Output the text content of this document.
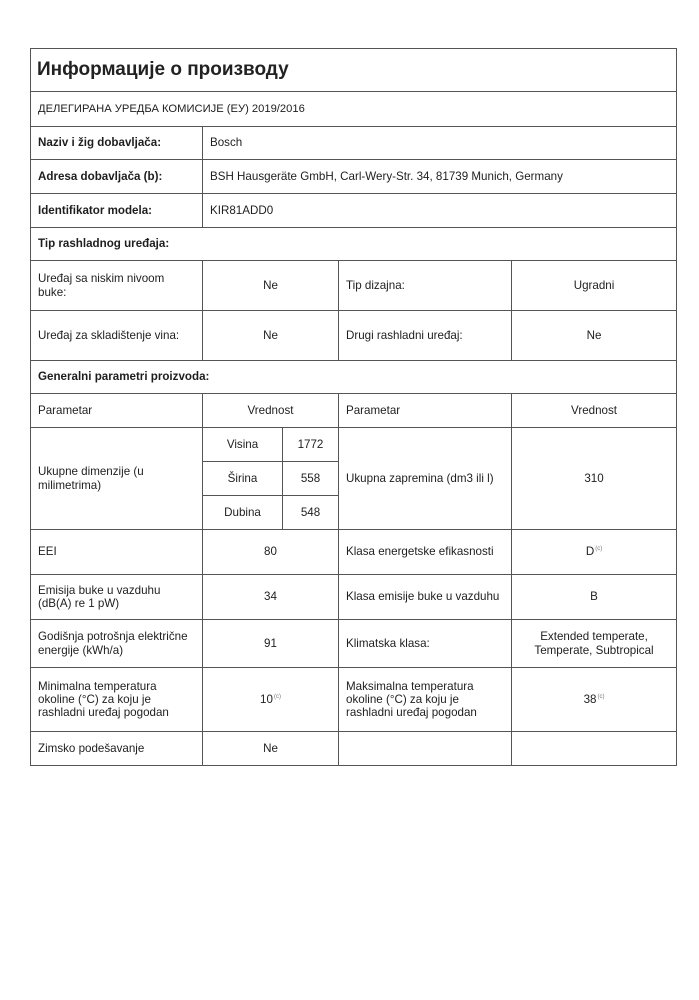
Информације о производу				
ДЕЛЕГИРАНА УРЕДБА КОМИСИЈЕ (ЕУ) 2019/2016				
Naziv i žig dobavljača:	Bosch			
Adresa dobavljača (b):	BSH Hausgeräte GmbH, Carl-Wery-Str. 34, 81739 Munich, Germany			
Identifikator modela:	KIR81ADD0			
Tip rashladnog uređaja:				
Uređaj sa niskim nivoom buke:	Ne		Tip dizajna:	Ugradni
Uređaj za skladištenje vina:	Ne		Drugi rashladni uređaj:	Ne
Generalni parametri proizvoda:				
Parametar	Vrednost		Parametar	Vrednost
Ukupne dimenzije (u milimetrima)	Visina	1772	Ukupna zapremina (dm3 ili l)	310
	Širina	558		
	Dubina	548		
EEI	80		Klasa energetske efikasnosti	D$^{(c)}$
Emisija buke u vazduhu (dB(A) re 1 pW)	34		Klasa emisije buke u vazduhu	B
Godišnja potrošnja električne energije (kWh/a)	91		Klimatska klasa:	Extended temperate, Temperate, Subtropical
Minimalna temperatura okoline (°C) za koju je rashladni uređaj pogodan	10$^{(c)}$		Maksimalna temperatura okoline (°C) za koju je rashladni uređaj pogodan	38$^{(c)}$
Zimsko podešavanje	Ne			
